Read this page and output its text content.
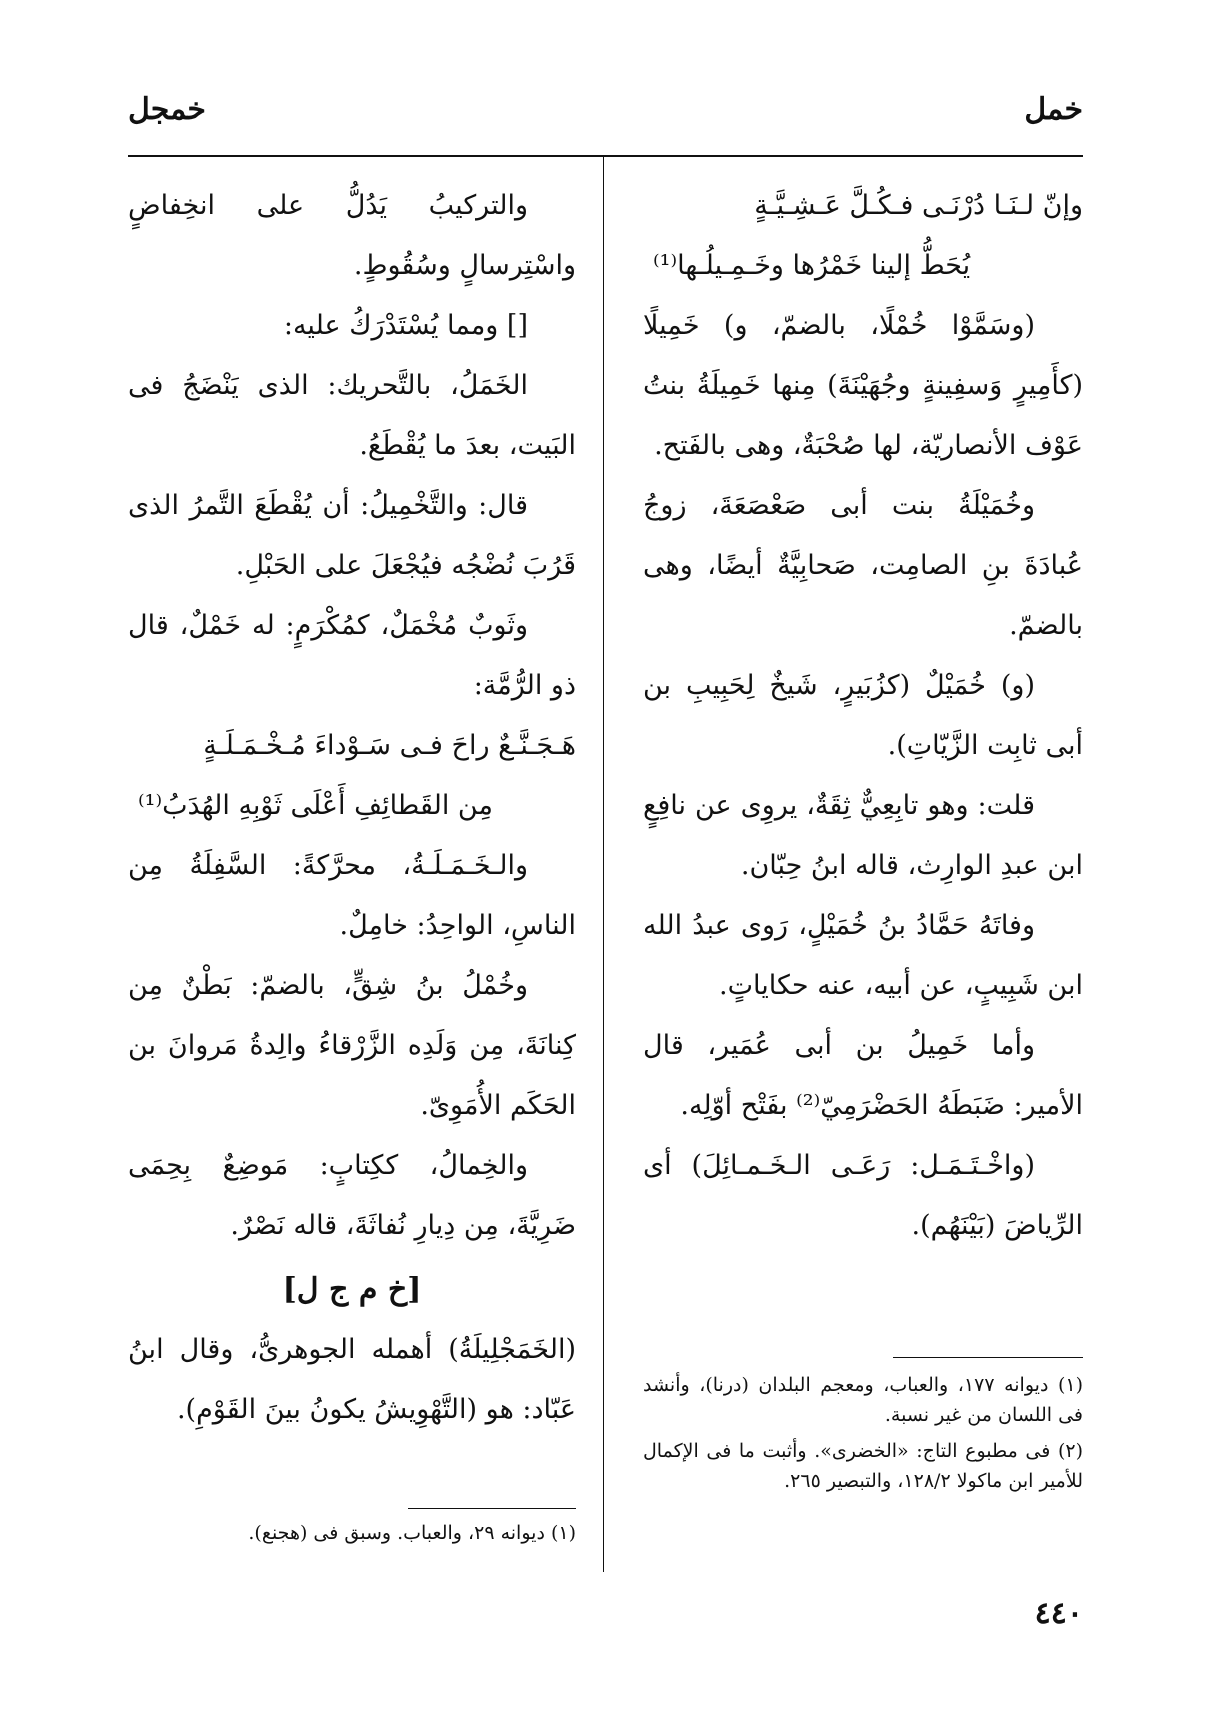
خمل
خمجل
وإنّ لـنَـا دُرْنَـى فـكُـلَّ عَـشِـيَّـةٍ
يُحَطُّ إلينا خَمْرُها وخَـمِـيلُـها⁽¹⁾

(وسَمَّوْا خُمْلًا، بالضمّ، و) خَمِيلًا (كأَمِيرٍ وَسفِينةٍ وجُهَيْنَةَ) مِنها خَمِيلَةُ بنتُ عَوْف الأنصاريّة، لها صُحْبَةٌ، وهى بالفَتح.

وخُمَيْلَةُ بنت أبى صَعْصَعَةَ، زوجُ عُبادَةَ بنِ الصامِت، صَحابِيَّةٌ أيضًا، وهى بالضمّ.

(و) خُمَيْلٌ (كزُبَيرٍ، شَيخٌ لِحَبِيبِ بن أبى ثابِت الزَّيّاتِ).

قلت: وهو تابِعِيٌّ ثِقَةٌ، يروِى عن نافِعٍ ابن عبدِ الوارِث، قاله ابنُ حِبّان.

وفاتَهُ حَمَّادُ بنُ خُمَيْلٍ، رَوى عبدُ الله ابن شَبِيبٍ، عن أبيه، عنه حكاياتٍ.

وأما خَمِيلُ بن أبى عُمَير، قال الأمير: ضَبَطَهُ الحَضْرَمِيّ⁽²⁾ بفَتْح أوّلِه.

(واخْـتَـمَـل: رَعَـى الـخَـمـائِلَ) أى الرِّياضَ (بَيْنَهُم).

(١) ديوانه ١٧٧، والعباب، ومعجم البلدان (درنا)، وأنشد فى اللسان من غير نسبة.

(٢) فى مطبوع التاج: «الخضرى». وأثبت ما فى الإكمال للأمير ابن ماكولا ١٢٨/٢، والتبصير ٢٦٥.

والتركيبُ يَدُلُّ على انخِفاضٍ واسْتِرسالٍ وسُقُوطٍ.

[] ومما يُسْتَدْرَكُ عليه:

الخَمَلُ، بالتَّحريك: الذى يَنْضَجُ فى البَيت، بعدَ ما يُقْطَعُ.

قال: والتَّخْمِيلُ: أن يُقْطَعَ التَّمرُ الذى قَرُبَ نُضْجُه فيُجْعَلَ على الحَبْلِ.

وثَوبٌ مُخْمَلٌ، كمُكْرَمٍ: له خَمْلٌ، قال ذو الرُّمَّة:

هَـجَـنَّـعٌ راحَ فـى سَـوْداءَ مُـخْـمَـلَـةٍ
مِن القَطائِفِ أَعْلَى ثَوْبِهِ الهُدَبُ⁽¹⁾

والـخَـمَـلَـةُ، محرَّكةً: السَّفِلَةُ مِن الناسِ، الواحِدُ: خامِلٌ.

وخُمْلُ بنُ شِقٍّ، بالضمّ: بَطْنٌ مِن كِنانَةَ، مِن وَلَدِه الزَّرْقاءُ والِدةُ مَروانَ بن الحَكَم الأُمَوِىّ.

والخِمالُ، ككِتابٍ: مَوضِعٌ بِحِمَى ضَرِيَّةَ، مِن دِيارِ نُفاثَةَ، قاله نَصْرٌ.

[خ م ج ل]

(الخَمَجْلِيلَةُ) أهمله الجوهرىُّ، وقال ابنُ عَبّاد: هو (التَّهْوِيشُ يكونُ بينَ القَوْمِ).

(١) ديوانه ٢٩، والعباب. وسبق فى (هجنع).

٤٤٠
